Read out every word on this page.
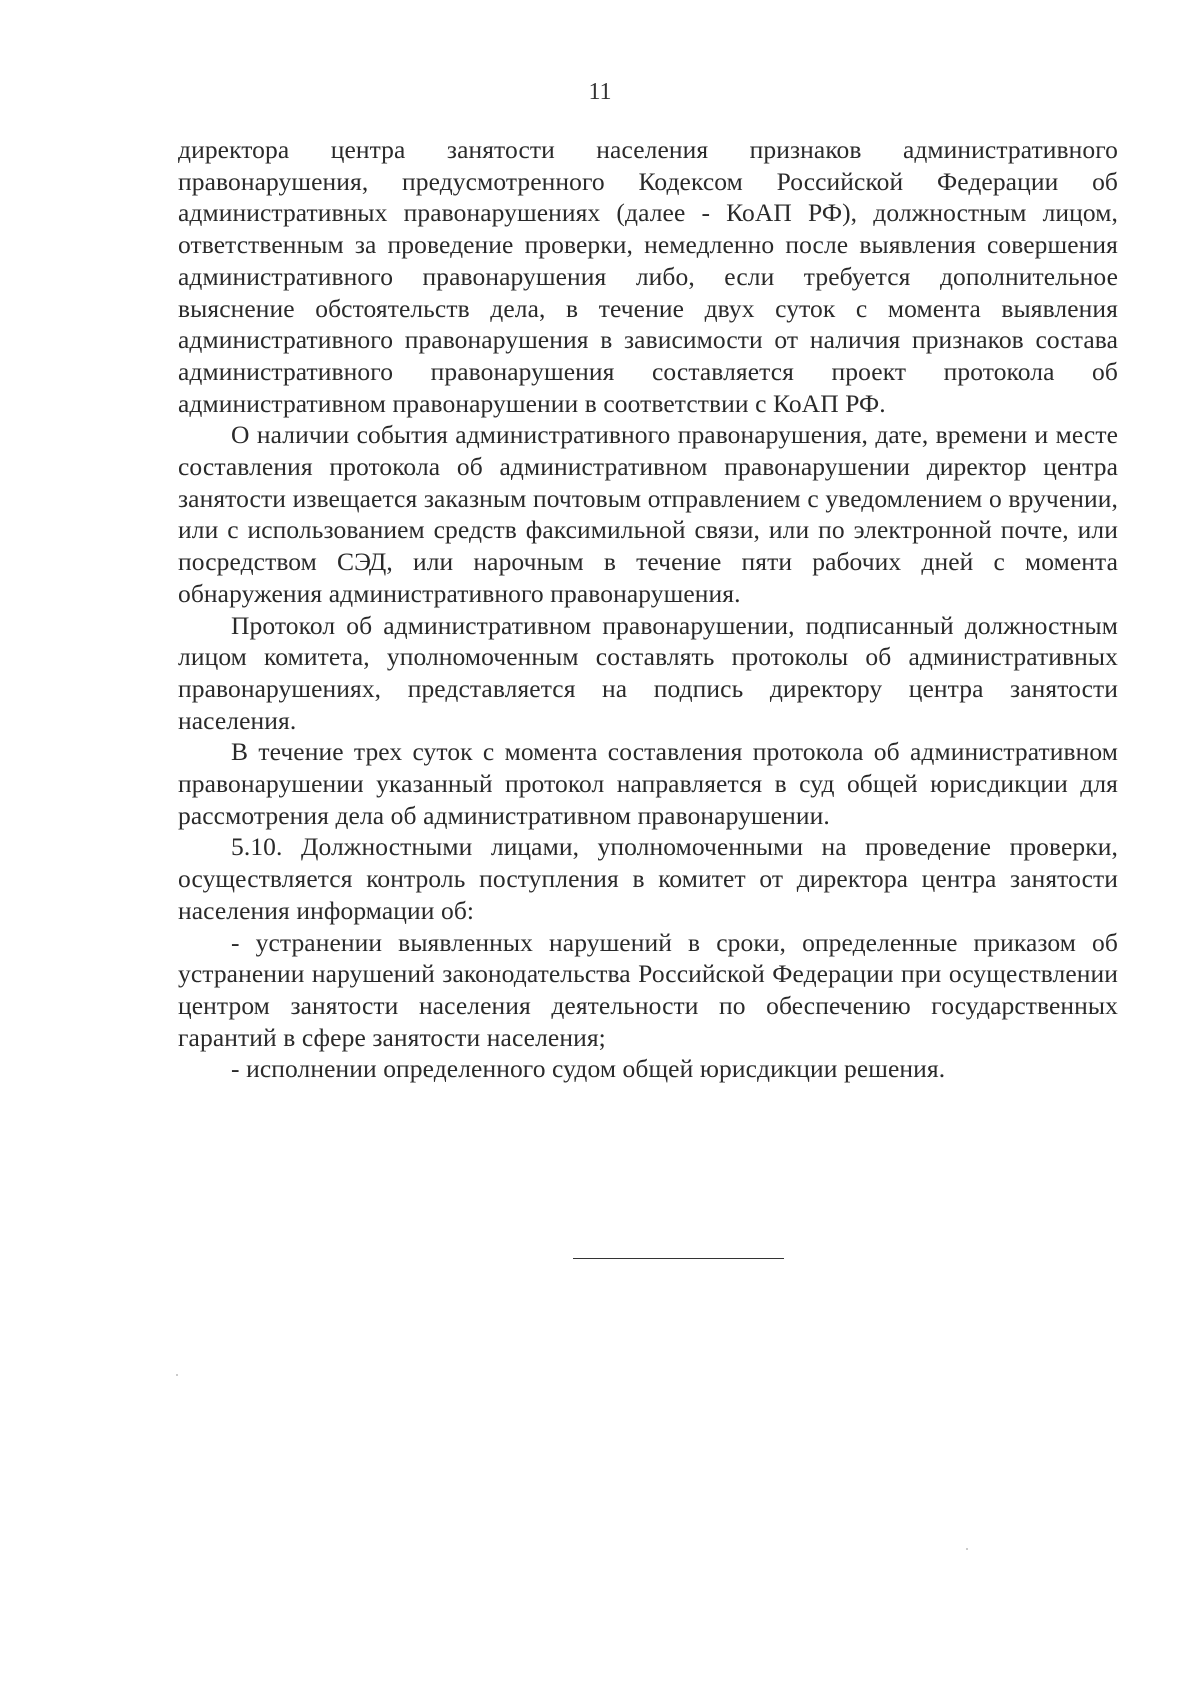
11

директора центра занятости населения признаков административного правонарушения, предусмотренного Кодексом Российской Федерации об административных правонарушениях (далее - КоАП РФ), должностным лицом, ответственным за проведение проверки, немедленно после выявления совершения административного правонарушения либо, если требуется дополнительное выяснение обстоятельств дела, в течение двух суток с момента выявления административного правонарушения в зависимости от наличия признаков состава административного правонарушения составляется проект протокола об административном правонарушении в соответствии с КоАП РФ.

О наличии события административного правонарушения, дате, времени и месте составления протокола об административном правонарушении директор центра занятости извещается заказным почтовым отправлением с уведомлением о вручении, или с использованием средств факсимильной связи, или по электронной почте, или посредством СЭД, или нарочным в течение пяти рабочих дней с момента обнаружения административного правонарушения.

Протокол об административном правонарушении, подписанный должностным лицом комитета, уполномоченным составлять протоколы об административных правонарушениях, представляется на подпись директору центра занятости населения.

В течение трех суток с момента составления протокола об административном правонарушении указанный протокол направляется в суд общей юрисдикции для рассмотрения дела об административном правонарушении.

5.10. Должностными лицами, уполномоченными на проведение проверки, осуществляется контроль поступления в комитет от директора центра занятости населения информации об:

- устранении выявленных нарушений в сроки, определенные приказом об устранении нарушений законодательства Российской Федерации при осуществлении центром занятости населения деятельности по обеспечению государственных гарантий в сфере занятости населения;

- исполнении определенного судом общей юрисдикции решения.
